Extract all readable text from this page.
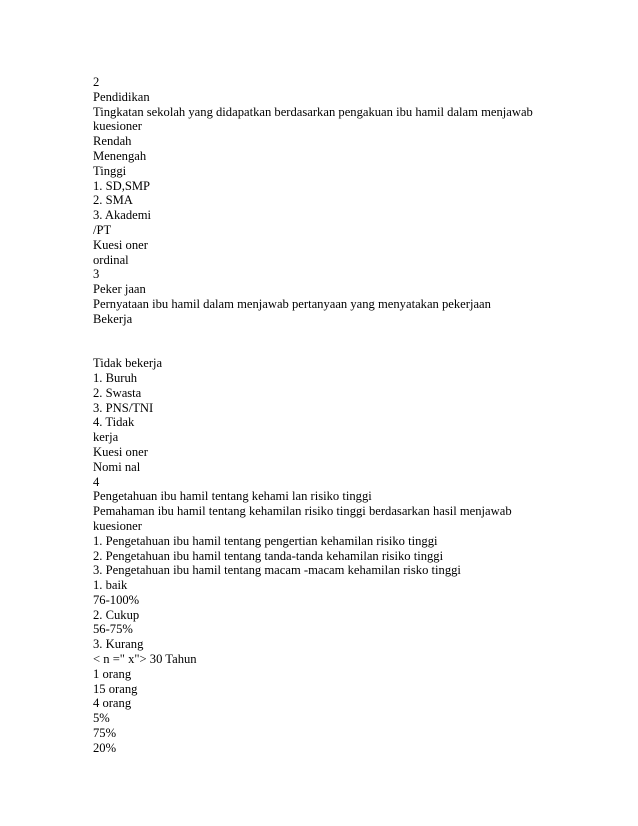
2
Pendidikan
Tingkatan sekolah yang didapatkan berdasarkan pengakuan ibu hamil dalam menjawab
kuesioner
Rendah
Menengah
Tinggi
1. SD,SMP
2. SMA
3. Akademi
/PT
Kuesi oner
ordinal
3
Peker jaan
Pernyataan ibu hamil dalam menjawab pertanyaan yang menyatakan pekerjaan
Bekerja
Tidak bekerja
1. Buruh
2. Swasta
3. PNS/TNI
4. Tidak
kerja
Kuesi oner
Nomi nal
4
Pengetahuan ibu hamil tentang kehami lan risiko tinggi
Pemahaman ibu hamil tentang kehamilan risiko tinggi berdasarkan hasil menjawab
kuesioner
1. Pengetahuan ibu hamil tentang pengertian kehamilan risiko tinggi
2. Pengetahuan ibu hamil tentang tanda-tanda kehamilan risiko tinggi
3. Pengetahuan ibu hamil tentang macam -macam kehamilan risko tinggi
1. baik
76-100%
2. Cukup
56-75%
3. Kurang
< n =" x"> 30 Tahun
1 orang
15 orang
4 orang
5%
75%
20%
